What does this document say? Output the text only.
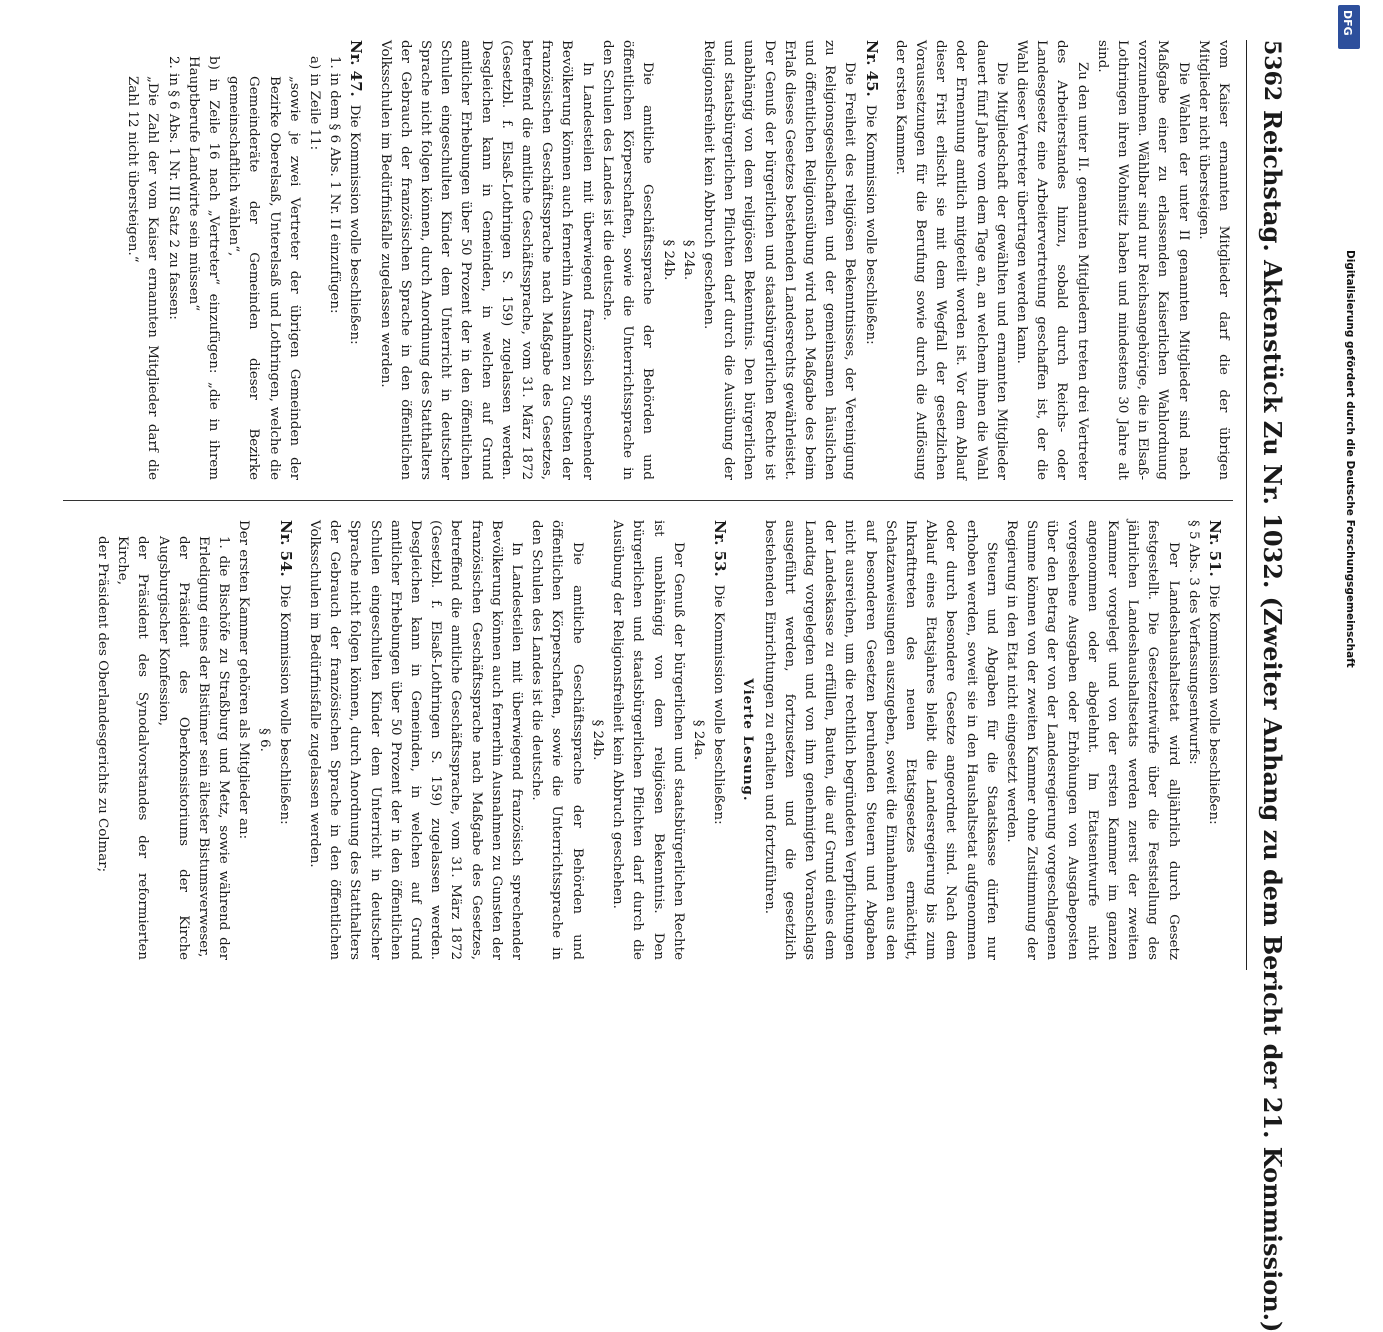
5362
Reichstag. Aktenstück Zu Nr. 1032. (Zweiter Anhang zu dem Bericht der 21. Kommission.)

vom Kaiser ernannten Mitglieder darf die der übrigen Mitglieder nicht übersteigen.

Die Wahlen der unter II genannten Mitglieder sind nach Maßgabe einer zu erlassenden Kaiserlichen Wahlordnung vorzunehmen. Wählbar sind nur Reichsangehörige, die in Elsaß-Lothringen ihren Wohnsitz haben und mindestens 30 Jahre alt sind.

Zu den unter II. genannten Mitgliedern treten drei Vertreter des Arbeiterstandes hinzu, sobald durch Reichs- oder Landesgesetz eine Arbeitervertretung geschaffen ist, der die Wahl dieser Vertreter übertragen werden kann.

Die Mitgliedschaft der gewählten und ernannten Mitglieder dauert fünf Jahre vom dem Tage an, an welchem ihnen die Wahl oder Ernennung amtlich mitgeteilt worden ist. Vor dem Ablauf dieser Frist erlischt sie mit dem Wegfall der gesetzlichen Voraussetzungen für die Berufung sowie durch die Auflösung der ersten Kammer.

Nr. 45.Die Kommission wolle beschließen:

Die Freiheit des religiösen Bekenntnisses, der Vereinigung zu Religionsgesellschaften und der gemeinsamen häuslichen und öffentlichen Religionsübung wird nach Maßgabe des beim Erlaß dieses Gesetzes bestehenden Landesrechts gewährleistet. Der Genuß der bürgerlichen und staatsbürgerlichen Rechte ist unabhängig von dem religiösen Bekenntnis. Den bürgerlichen und staatsbürgerlichen Pflichten darf durch die Ausübung der Religionsfreiheit kein Abbruch geschehen.

§ 24a.

§ 24b.

Die amtliche Geschäftssprache der Behörden und öffentlichen Körperschaften, sowie die Unterrichtssprache in den Schulen des Landes ist die deutsche.

In Landesteilen mit überwiegend französisch sprechender Bevölkerung können auch fernerhin Ausnahmen zu Gunsten der französischen Geschäftssprache nach Maßgabe des Gesetzes, betreffend die amtliche Geschäftssprache, vom 31. März 1872 (Gesetzbl. f. Elsaß-Lothringen S. 159) zugelassen werden. Desgleichen kann in Gemeinden, in welchen auf Grund amtlicher Erhebungen über 50 Prozent der in den öffentlichen Schulen eingeschulten Kinder dem Unterricht in deutscher Sprache nicht folgen können, durch Anordnung des Statthalters der Gebrauch der französischen Sprache in den öffentlichen Volksschulen im Bedürfnisfalle zugelassen werden.

Nr. 47.Die Kommission wolle beschließen:

1. in dem § 6 Abs. 1 Nr. II einzufügen:

a) in Zeile 11:

„sowie je zwei Vertreter der übrigen Gemeinden der Bezirke Oberelsaß, Unterelsaß und Lothringen, welche die Gemeinderäte der Gemeinden dieser Bezirke gemeinschaftlich wählen“,

b) in Zeile 16 nach „Vertreter“ einzufügen: „die in ihrem Hauptberufe Landwirte sein müssen“

2. in § 6 Abs. 1 Nr. III Satz 2 zu fassen:

„Die Zahl der vom Kaiser ernannten Mitglieder darf die Zahl 12 nicht übersteigen.“

Nr. 51.Die Kommission wolle beschließen:

§ 5 Abs. 3 des Verfassungsentwurfs:

Der Landeshaushaltsetat wird alljährlich durch Gesetz festgestellt. Die Gesetzentwürfe über die Feststellung des jährlichen Landeshaushaltsetats werden zuerst der zweiten Kammer vorgelegt und von der ersten Kammer im ganzen angenommen oder abgelehnt. Im Etatsentwurfe nicht vorgesehene Ausgaben oder Erhöhungen von Ausgabeposten über den Betrag der von der Landesregierung vorgeschlagenen Summe können von der zweiten Kammer ohne Zustimmung der Regierung in den Etat nicht eingesetzt werden.

Steuern und Abgaben für die Staatskasse dürfen nur erhoben werden, soweit sie in den Haushaltsetat aufgenommen oder durch besondere Gesetze angeordnet sind. Nach dem Ablauf eines Etatsjahres bleibt die Landesregierung bis zum Inkrafttreten des neuen Etatsgesetzes ermächtigt, Schatzanweisungen auszugeben, soweit die Einnahmen aus den auf besonderen Gesetzen beruhenden Steuern und Abgaben nicht ausreichen, um die rechtlich begründeten Verpflichtungen der Landeskasse zu erfüllen, Bauten, die auf Grund eines dem Landtag vorgelegten und von ihm genehmigten Voranschlags ausgeführt werden, fortzusetzen und die gesetzlich bestehenden Einrichtungen zu erhalten und fortzuführen.

Vierte Lesung.

Nr. 53.Die Kommission wolle beschließen:

§ 24a.

Der Genuß der bürgerlichen und staatsbürgerlichen Rechte ist unabhängig von dem religiösen Bekenntnis. Den bürgerlichen und staatsbürgerlichen Pflichten darf durch die Ausübung der Religionsfreiheit kein Abbruch geschehen.

§ 24b.

Die amtliche Geschäftssprache der Behörden und öffentlichen Körperschaften, sowie die Unterrichtssprache in den Schulen des Landes ist die deutsche.

In Landesteilen mit überwiegend französisch sprechender Bevölkerung können auch fernerhin Ausnahmen zu Gunsten der französischen Geschäftssprache nach Maßgabe des Gesetzes, betreffend die amtliche Geschäftssprache, vom 31. März 1872 (Gesetzbl. f. Elsaß-Lothringen S. 159) zugelassen werden. Desgleichen kann in Gemeinden, in welchen auf Grund amtlicher Erhebungen über 50 Prozent der in den öffentlichen Schulen eingeschulten Kinder dem Unterricht in deutscher Sprache nicht folgen können, durch Anordnung des Statthalters der Gebrauch der französischen Sprache in den öffentlichen Volksschulen im Bedürfnisfalle zugelassen werden.

Nr. 54.Die Kommission wolle beschließen:

§ 6.

Der ersten Kammer gehören als Mitglieder an:

1. die Bischöfe zu Straßburg und Metz, sowie während der Erledigung eines der Bistümer sein ältester Bistumsverweser,

der Präsident des Oberkonsistoriums der Kirche Augsburgischer Konfession,

der Präsident des Synodalvorstandes der reformierten Kirche,

der Präsident des Oberlandesgerichts zu Colmar;

Digitalisierung gefördert durch die Deutsche Forschungsgemeinschaft
DFG
